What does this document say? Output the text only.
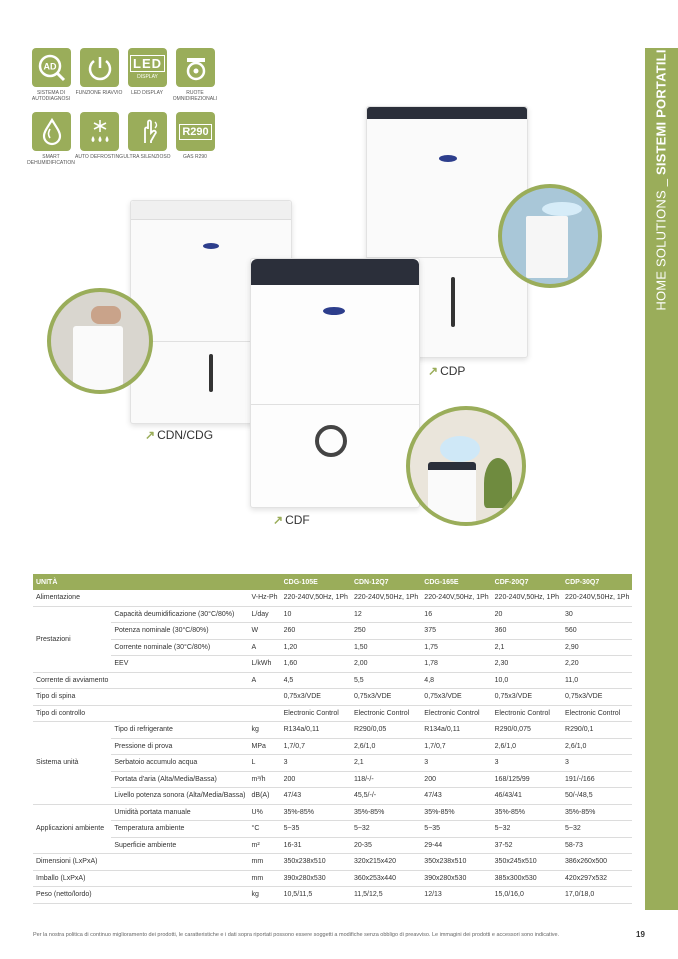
HOME SOLUTIONS _ SISTEMI PORTATILI
AD
SISTEMA DI AUTODIAGNOSI
FUNZIONE RIAVVIO
LED
DISPLAY
LED DISPLAY	RUOTE OMNIDIREZIONALI
SMART DEHUMIDIFICATION
AUTO DEFROSTING ULTRA SILENZIOSO
R290
GAS R290
↗ CDP
↗ CDN/CDG
↗ CDF
UNITÀ			CDG-105E	CDN-12Q7	CDG-165E	CDF-20Q7	CDP-30Q7
Alimentazione		V-Hz-Ph	220-240V,50Hz, 1Ph	220-240V,50Hz, 1Ph	220-240V,50Hz, 1Ph	220-240V,50Hz, 1Ph	220-240V,50Hz, 1Ph
Prestazioni	Capacità deumidificazione (30°C/80%)	L/day	10	12	16	20	30
	Potenza nominale (30°C/80%)	W	260	250	375	360	560
	Corrente nominale (30°C/80%)	A	1,20	1,50	1,75	2,1	2,90
	EEV	L/kWh	1,60	2,00	1,78	2,30	2,20
Corrente di avviamento		A	4,5	5,5	4,8	10,0	11,0
Tipo di spina			0,75x3/VDE	0,75x3/VDE	0,75x3/VDE	0,75x3/VDE	0,75x3/VDE
Tipo di controllo			Electronic Control	Electronic Control	Electronic Control	Electronic Control	Electronic Control
Sistema unità	Tipo di refrigerante	kg	R134a/0,11	R290/0,05	R134a/0,11	R290/0,075	R290/0,1
	Pressione di prova	MPa	1,7/0,7	2,6/1,0	1,7/0,7	2,6/1,0	2,6/1,0
	Serbatoio accumulo acqua	L	3	2,1	3	3	3
	Portata d'aria (Alta/Media/Bassa)	m³/h	200	118/-/-	200	168/125/99	191/-/166
	Livello potenza sonora (Alta/Media/Bassa)	dB(A)	47/43	45,5/-/-	47/43	46/43/41	50/-/48,5
Applicazioni ambiente	Umidità portata manuale	U%	35%-85%	35%-85%	35%-85%	35%-85%	35%-85%
	Temperatura ambiente	°C	5~35	5~32	5~35	5~32	5~32
	Superficie ambiente	m²	16-31	20-35	29-44	37-52	58-73
Dimensioni (LxPxA)		mm	350x238x510	320x215x420	350x238x510	350x245x510	386x260x500
Imballo (LxPxA)		mm	390x280x530	360x253x440	390x280x530	385x300x530	420x297x532
Peso (netto/lordo)		kg	10,5/11,5	11,5/12,5	12/13	15,0/16,0	17,0/18,0
Per la nostra politica di continuo miglioramento dei prodotti, le caratteristiche e i dati sopra riportati possono essere soggetti a modifiche senza obbligo di preavviso. Le immagini dei prodotti e accessori sono indicative.	19
